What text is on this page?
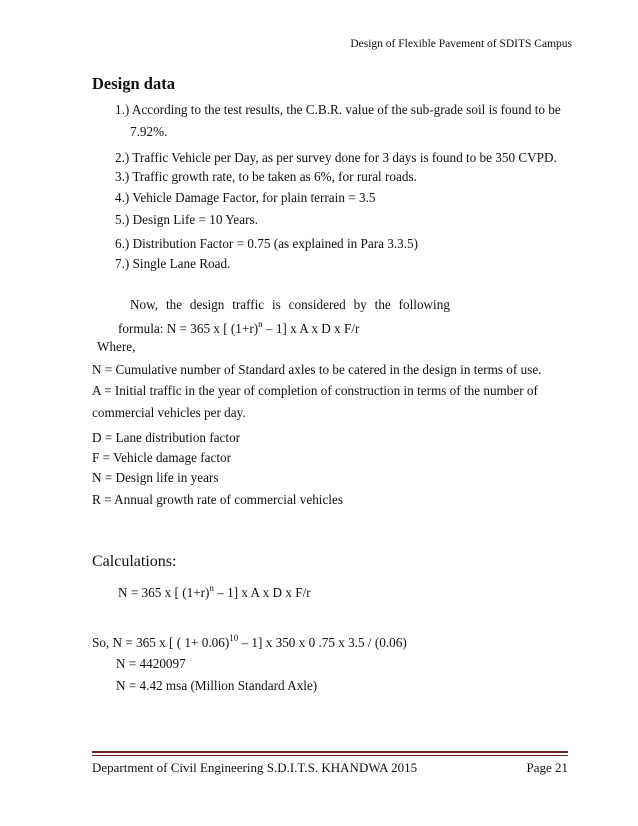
Design of Flexible Pavement of SDITS Campus
Design data
1.) According to the test results, the C.B.R. value of the sub-grade soil is found to be
7.92%.
2.) Traffic Vehicle per Day, as per survey done for 3 days is found to be 350 CVPD.
3.) Traffic growth rate, to be taken as 6%, for rural roads.
4.) Vehicle Damage Factor, for plain terrain = 3.5
5.) Design Life = 10 Years.
6.) Distribution Factor = 0.75 (as explained in Para 3.3.5)
7.) Single Lane Road.
Now, the design traffic is considered by the following
formula: N = 365 x [ $(1+r)^n - 1$] x A x D x F/r
Where,
N = Cumulative number of Standard axles to be catered in the design in terms of use.
A = Initial traffic in the year of completion of construction in terms of the number of
commercial vehicles per day.
D = Lane distribution factor
F = Vehicle damage factor
N = Design life in years
R = Annual growth rate of commercial vehicles
Calculations:
N = 365 x [ $(1+r)^n - 1$] x A x D x F/r
So, N = 365 x [ ( 1+ 0.06)$^{10}$ – 1] x 350 x 0 .75 x 3.5 / (0.06)
N = 4420097
N = 4.42 msa (Million Standard Axle)
Department of Civil Engineering S.D.I.T.S. KHANDWA 2015	Page 21
